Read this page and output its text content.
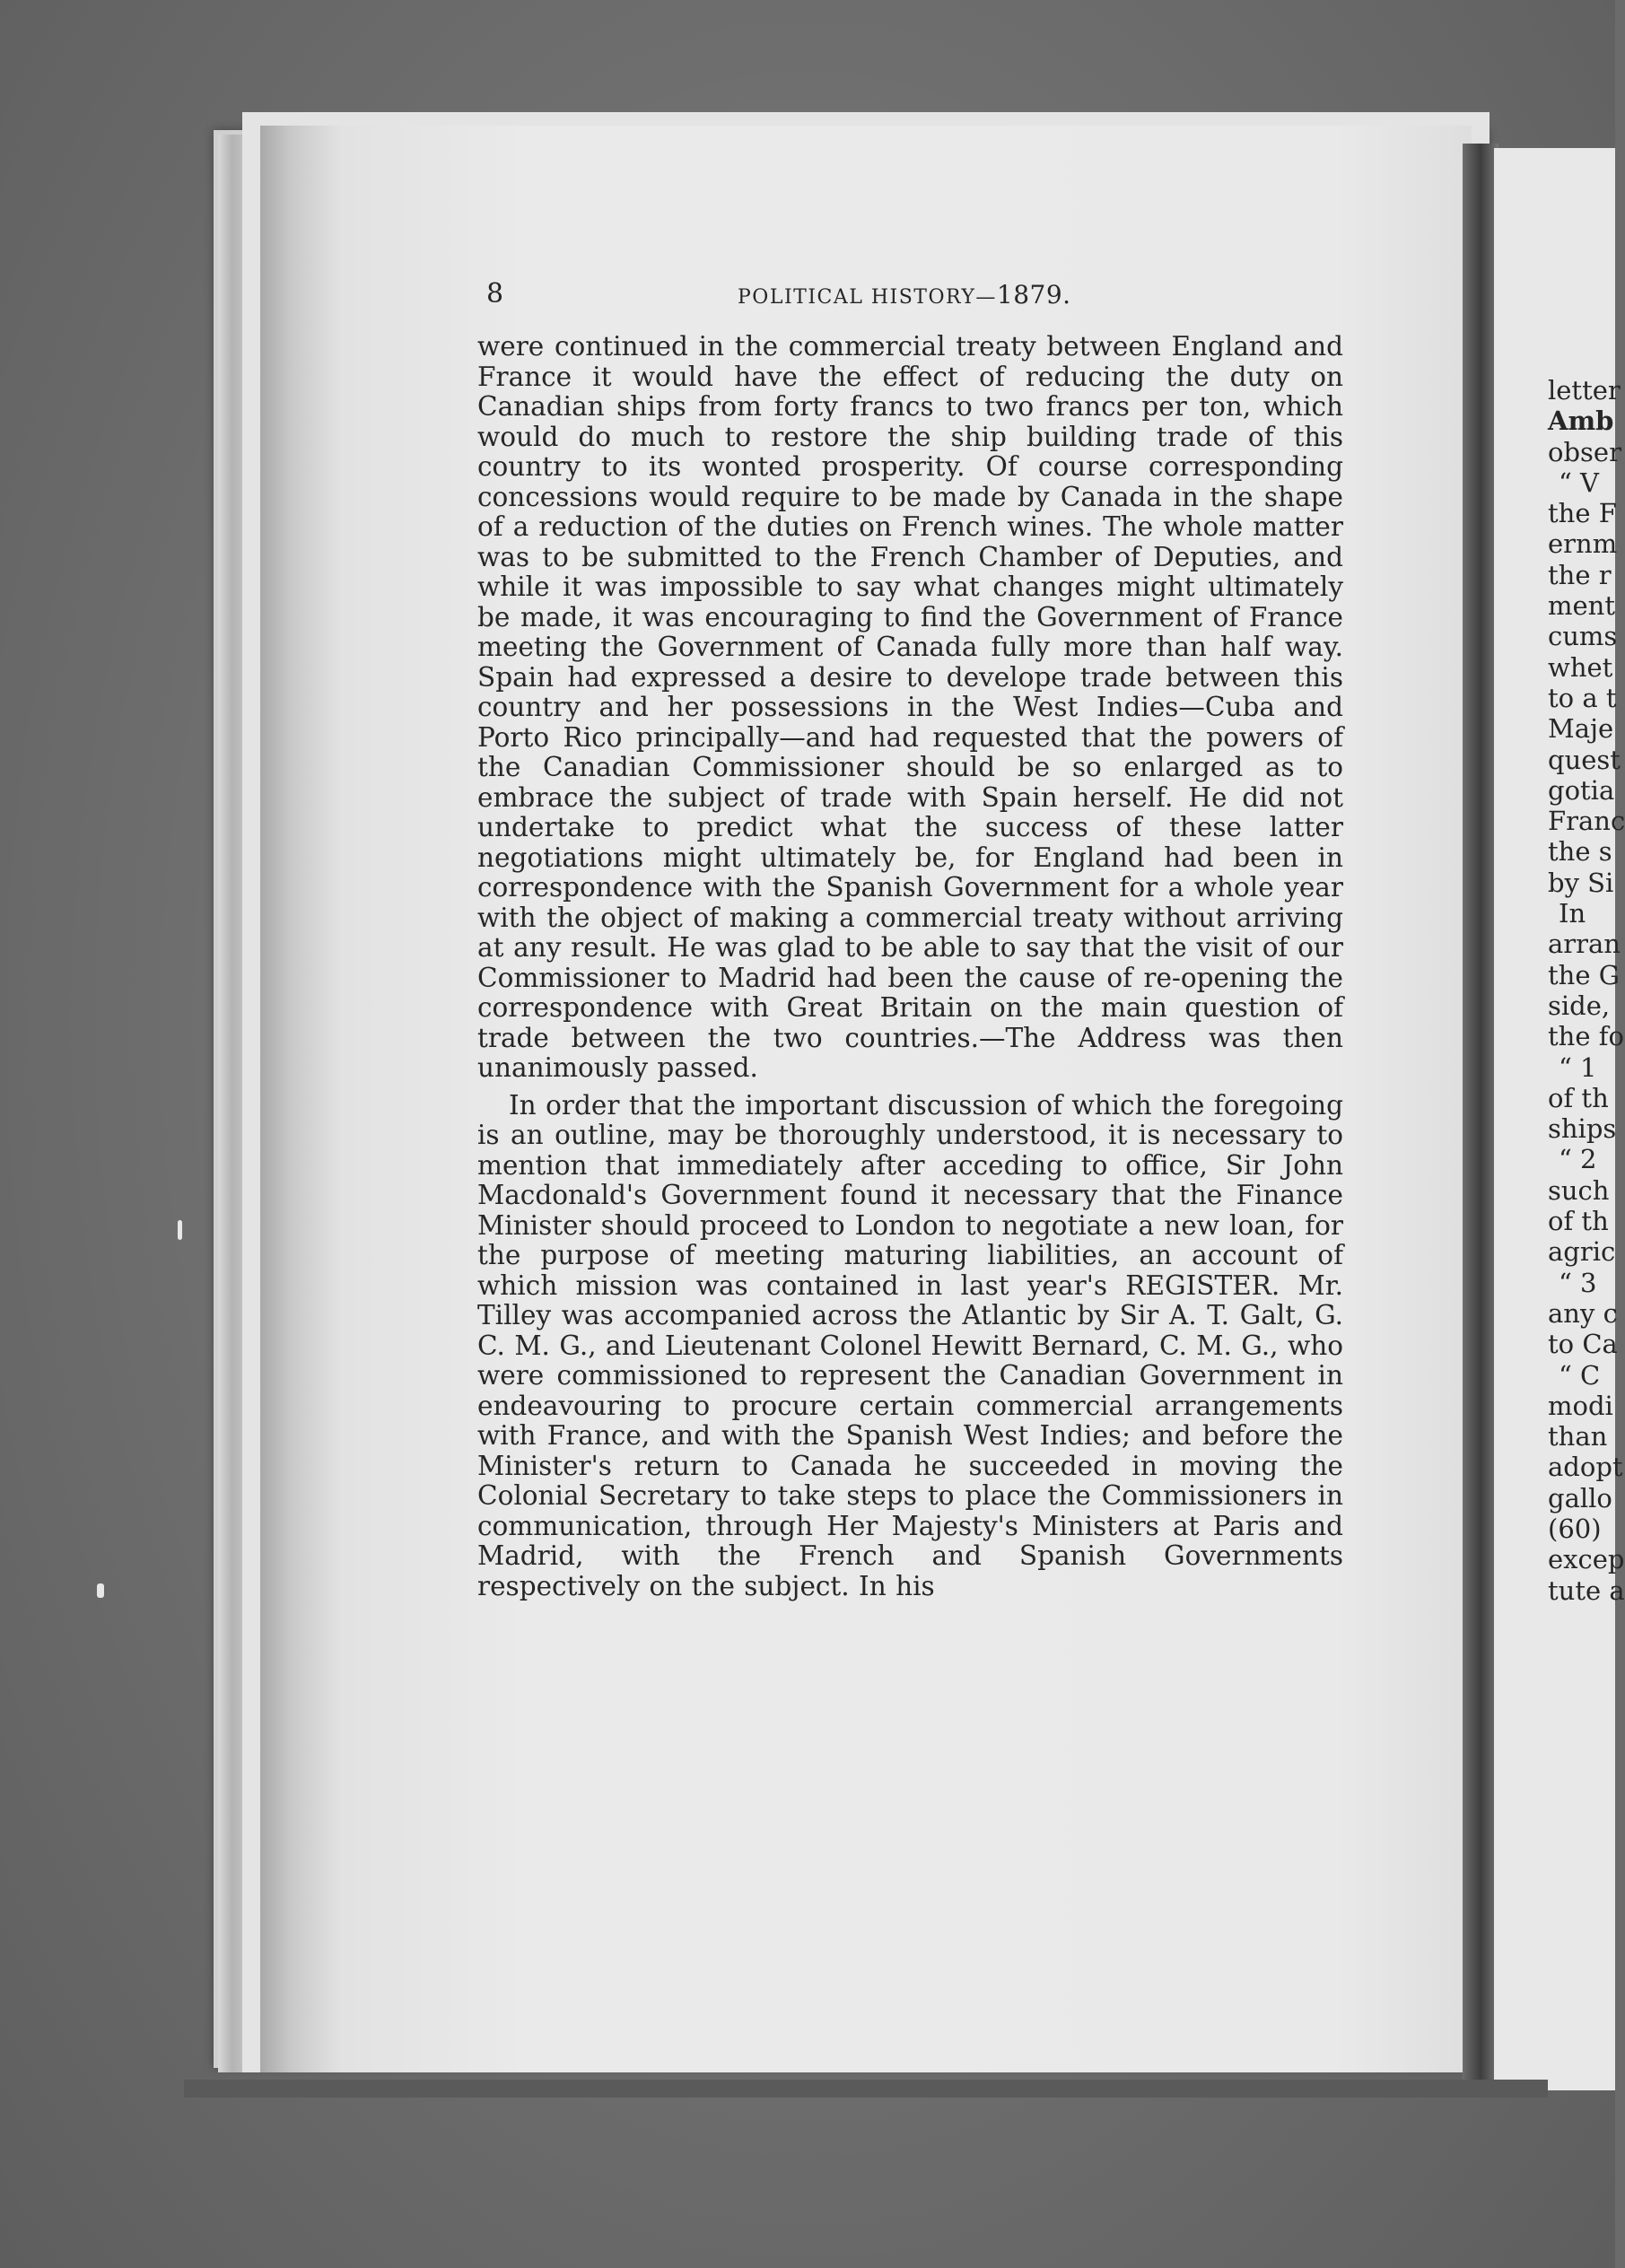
8	POLITICAL HISTORY—1879.

were continued in the commercial treaty between England and France it would have the effect of reducing the duty on Canadian ships from forty francs to two francs per ton, which would do much to restore the ship building trade of this country to its wonted prosperity. Of course corresponding concessions would require to be made by Canada in the shape of a reduction of the duties on French wines. The whole matter was to be submitted to the French Chamber of Deputies, and while it was impossible to say what changes might ultimately be made, it was encouraging to find the Government of France meeting the Government of Canada fully more than half way. Spain had expressed a desire to develope trade between this country and her possessions in the West Indies—Cuba and Porto Rico principally—and had requested that the powers of the Canadian Commissioner should be so enlarged as to embrace the subject of trade with Spain herself. He did not undertake to predict what the success of these latter negotiations might ultimately be, for England had been in correspondence with the Spanish Government for a whole year with the object of making a commercial treaty without arriving at any result. He was glad to be able to say that the visit of our Commissioner to Madrid had been the cause of re-opening the correspondence with Great Britain on the main question of trade between the two countries.—The Address was then unanimously passed.

In order that the important discussion of which the foregoing is an outline, may be thoroughly understood, it is necessary to mention that immediately after acceding to office, Sir John Macdonald's Government found it necessary that the Finance Minister should proceed to London to negotiate a new loan, for the purpose of meeting maturing liabilities, an account of which mission was contained in last year's REGISTER. Mr. Tilley was accompanied across the Atlantic by Sir A. T. Galt, G. C. M. G., and Lieutenant Colonel Hewitt Bernard, C. M. G., who were commissioned to represent the Canadian Government in endeavouring to procure certain commercial arrangements with France, and with the Spanish West Indies; and before the Minister's return to Canada he succeeded in moving the Colonial Secretary to take steps to place the Commissioners in communication, through Her Majesty's Ministers at Paris and Madrid, with the French and Spanish Governments respectively on the subject. In his

letter
Amb
obser
“ V
the F
ernm
the r
ment
cums
whet
to a t
Maje
quest
gotia
Franc
the s
by Si
In
arran
the G
side,
the fo
“ 1
of th
ships
“ 2
such
of th
agric
“ 3
any c
to Ca
“ C
modi
than
adopt
gallo
(60)
excep
tute a
